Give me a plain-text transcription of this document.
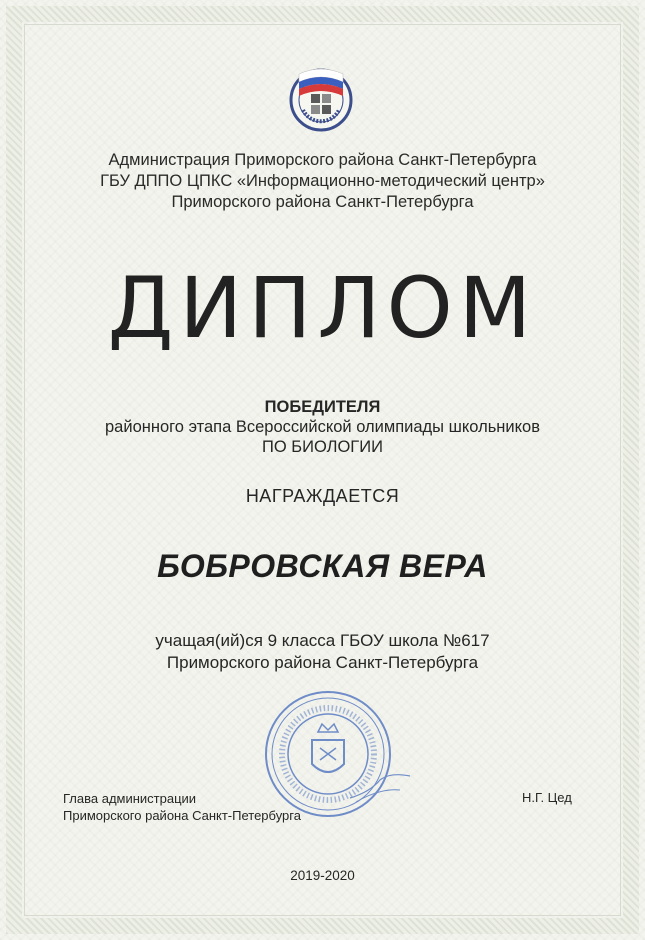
Администрация Приморского района Санкт-Петербурга
ГБУ ДППО ЦПКС «Информационно-методический центр»
Приморского района Санкт-Петербурга
ДИПЛОМ
ПОБЕДИТЕЛЯ
районного этапа Всероссийской олимпиады школьников
ПО БИОЛОГИИ
НАГРАЖДАЕТСЯ
БОБРОВСКАЯ ВЕРА
учащая(ий)ся 9 класса ГБОУ школа №617
Приморского района Санкт-Петербурга
Глава администрации
Приморского района Санкт-Петербурга
Н.Г. Цед
2019-2020
